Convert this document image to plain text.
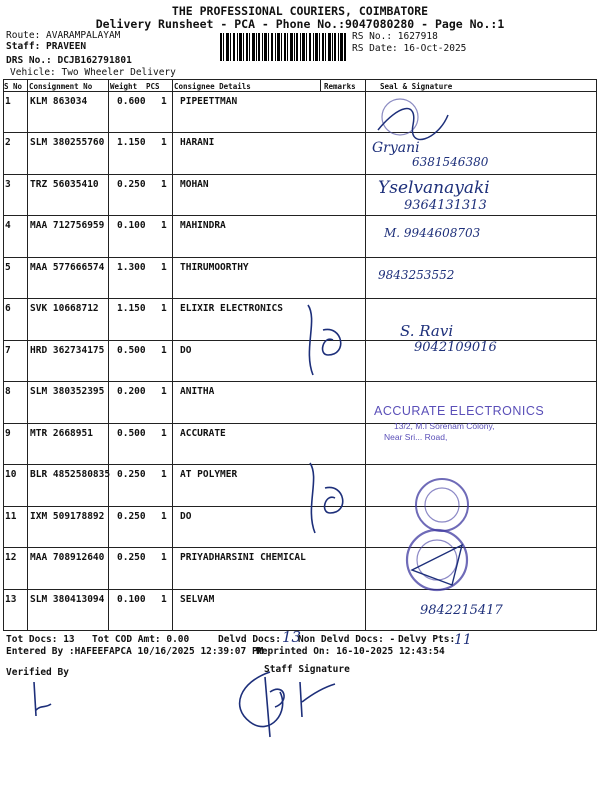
THE PROFESSIONAL COURIERS, COIMBATORE
Delivery Runsheet - PCA - Phone No.:9047080280 - Page No.:1
Route: AVARAMPALAYAM
Staff: PRAVEEN
DRS No.: DCJB162791801
Vehicle: Two Wheeler Delivery
RS No.: 1627918
RS Date: 16-Oct-2025
S No Consignment No Weight PCS Consignee Details	Remarks	Seal & Signature
1 KLM 863034	0.600 1 PIPEETTMAN
2 SLM 380255760 1.150 1 HARANI
3 TRZ 56035410 0.250 1 MOHAN
4 MAA 712756959 0.100 1 MAHINDRA
5 MAA 577666574 1.300 1 THIRUMOORTHY
6 SVK 10668712 1.150 1 ELIXIR ELECTRONICS
7 HRD 362734175 0.500 1 DO
8 SLM 380352395 0.200 1 ANITHA
9 MTR 2668951	0.500 1 ACCURATE
10 BLR 4852580835 0.250 1 AT POLYMER
11 IXM 509178892 0.250 1 DO
12 MAA 708912640 0.250 1 PRIYADHARSINI CHEMICAL
13 SLM 380413094 0.100 1 SELVAM
Gryani
6381546380
Yselvanayaki
9364131313
M. 9944608703
9843253552
S. Ravi
9042109016
9842215417
ACCURATE ELECTRONICS
13/2, M.I Sorenam Colony,
Near Sri... Road,
Tot Docs: 13 Tot COD Amt: 0.00	Delvd Docs: 13
Non Delvd Docs: - Delvy Pts:
11
Entered By :HAFEEFAPCA 10/16/2025 12:39:07 PM
Reprinted On: 16-10-2025 12:43:54
Verified By	Staff Signature
